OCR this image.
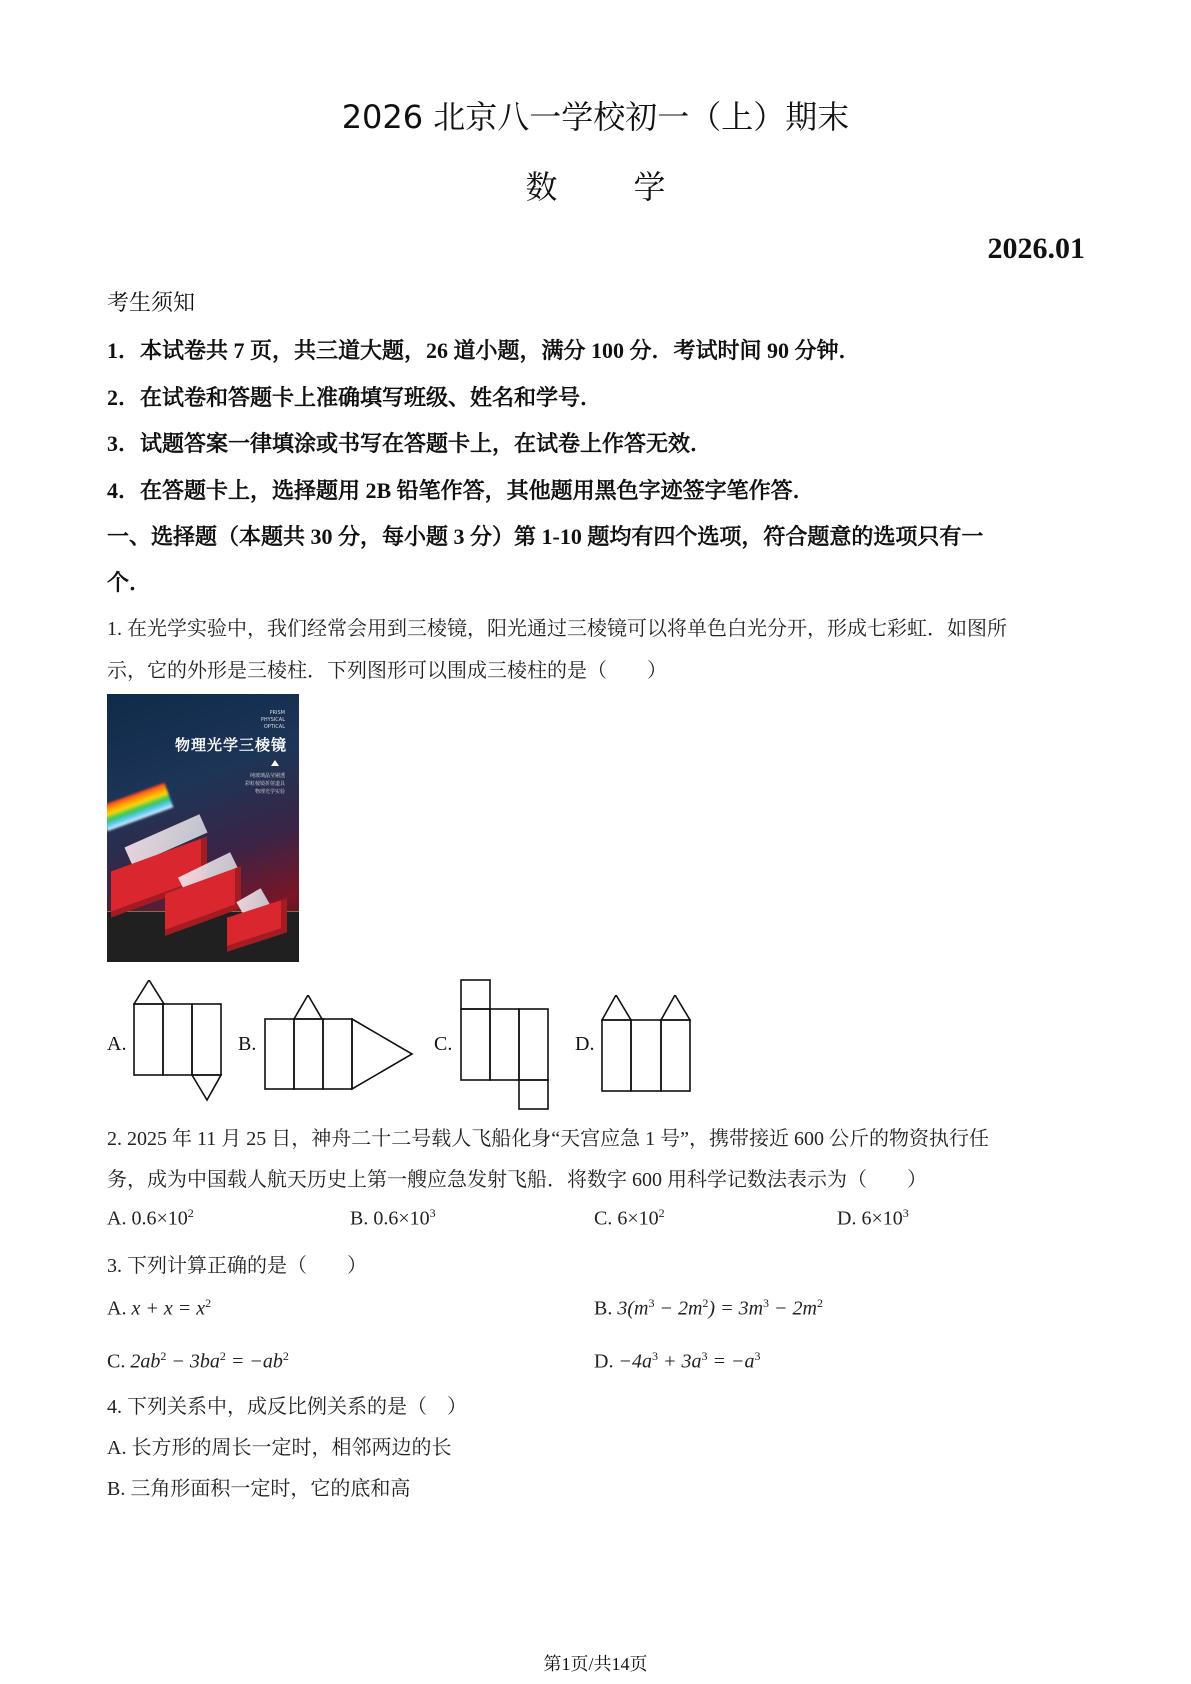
2026 北京八一学校初一（上）期末
数 学
2026.01
考生须知
1．本试卷共 7 页，共三道大题，26 道小题，满分 100 分．考试时间 90 分钟．
2．在试卷和答题卡上准确填写班级、姓名和学号．
3．试题答案一律填涂或书写在答题卡上，在试卷上作答无效．
4．在答题卡上，选择题用 2B 铅笔作答，其他题用黑色字迹签字笔作答．
一、选择题（本题共 30 分，每小题 3 分）第 1-10 题均有四个选项，符合题意的选项只有一
个．
1. 在光学实验中，我们经常会用到三棱镜，阳光通过三棱镜可以将单色白光分开，形成七彩虹．如图所
示，它的外形是三棱柱．下列图形可以围成三棱柱的是（　　）
PRISM
PHYSICAL
OPTICAL
物理光学三棱镜
纯玻璃晶莹剔透
彩虹棱镜折射道具
物理光学实验
A.	B.	C.	D.
2. 2025 年 11 月 25 日，神舟二十二号载人飞船化身“天宫应急 1 号”，携带接近 600 公斤的物资执行任
务，成为中国载人航天历史上第一艘应急发射飞船．将数字 600 用科学记数法表示为（　　）
A. $0.6\times 10^2$	B. $0.6\times 10^3$	C. $6\times 10^2$	D. $6\times 10^3$
3. 下列计算正确的是（　　）
A. $x + x = x^2$	B. $3(m^3 - 2m^2) = 3m^3 - 2m^2$
C. $2ab^2 - 3ba^2 = -ab^2$	D. $-4a^3 + 3a^3 = -a^3$
4. 下列关系中，成反比例关系的是（　）
A. 长方形的周长一定时，相邻两边的长
B. 三角形面积一定时，它的底和高
第1页/共14页
